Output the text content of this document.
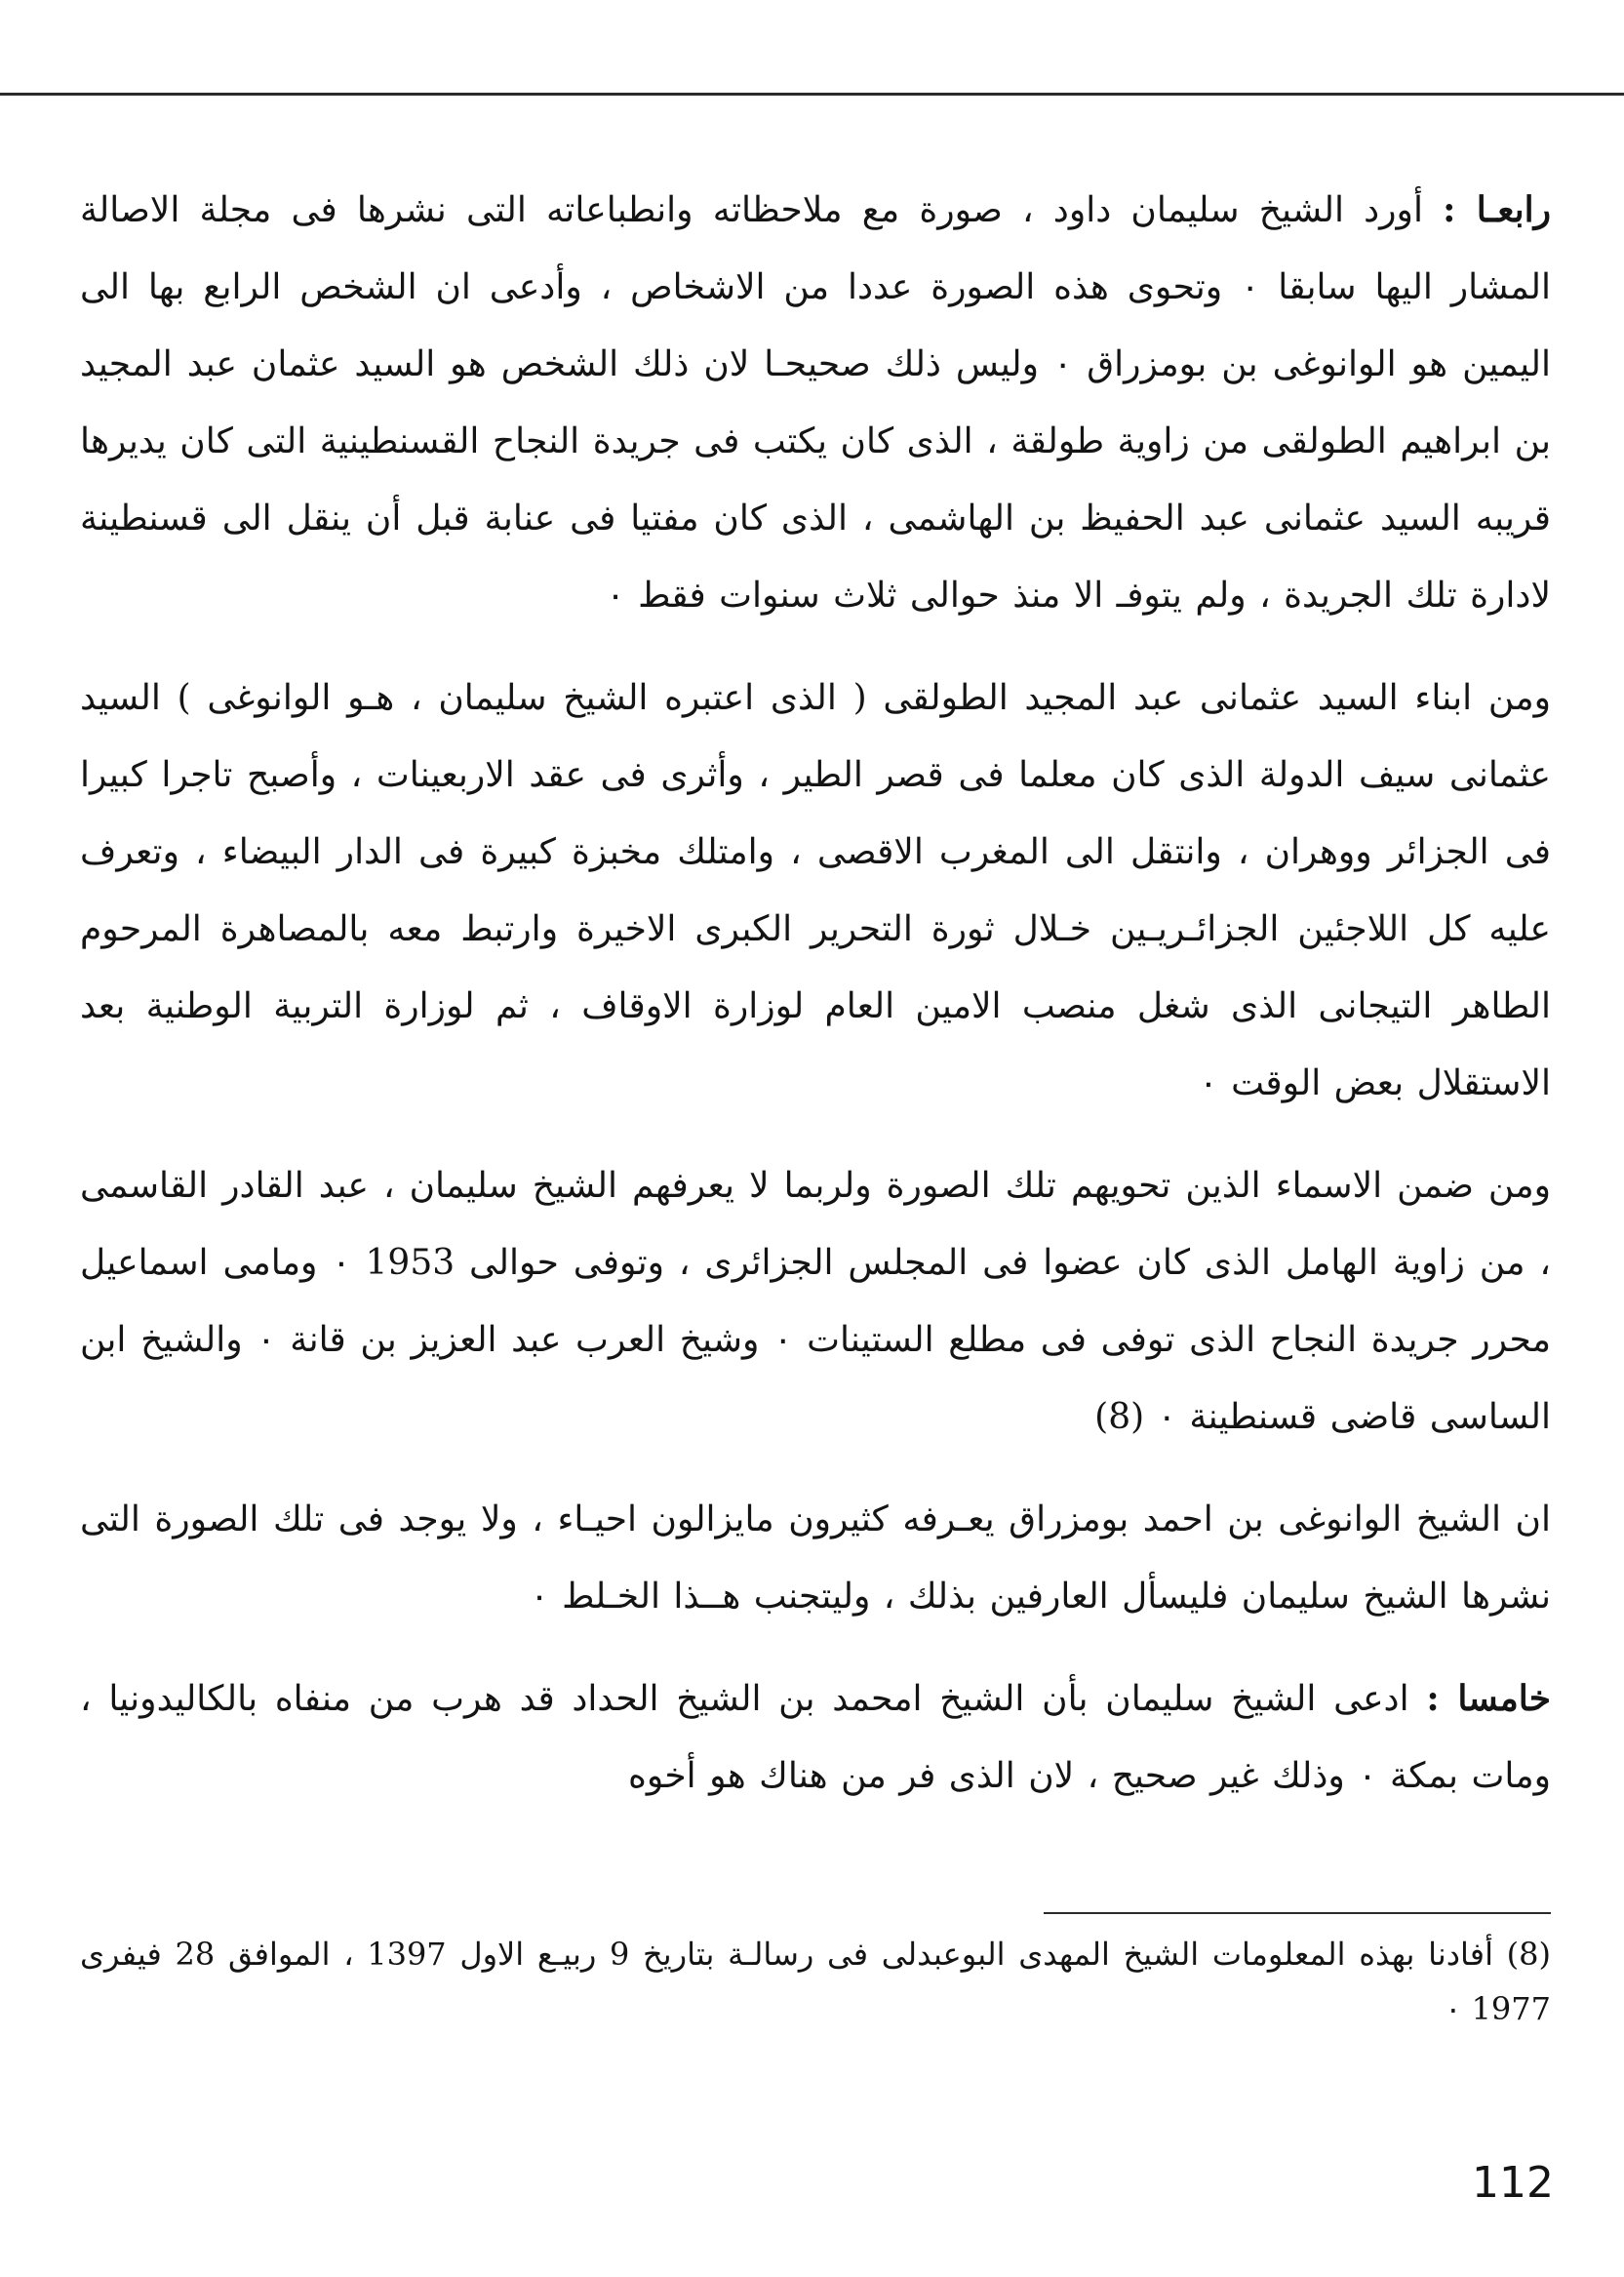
رابعـا : أورد الشيخ سليمان داود ، صورة مع ملاحظاته وانطباعاته التى نشرها فى مجلة الاصالة المشار اليها سابقا ٠ وتحوى هذه الصورة عددا من الاشخاص ، وأدعى ان الشخص الرابع بها الى اليمين هو الوانوغى بن بومزراق ٠ وليس ذلك صحيحـا لان ذلك الشخص هو السيد عثمان عبد المجيد بن ابراهيم الطولقى من زاوية طولقة ، الذى كان يكتب فى جريدة النجاح القسنطينية التى كان يديرها قريبه السيد عثمانى عبد الحفيظ بن الهاشمى ، الذى كان مفتيا فى عنابة قبل أن ينقل الى قسنطينة لادارة تلك الجريدة ، ولم يتوفـ الا منذ حوالى ثلاث سنوات فقط ٠

ومن ابناء السيد عثمانى عبد المجيد الطولقى ( الذى اعتبره الشيخ سليمان ، هـو الوانوغى ) السيد عثمانى سيف الدولة الذى كان معلما فى قصر الطير ، وأثرى فى عقد الاربعينات ، وأصبح تاجرا كبيرا فى الجزائر ووهران ، وانتقل الى المغرب الاقصى ، وامتلك مخبزة كبيرة فى الدار البيضاء ، وتعرف عليه كل اللاجئين الجزائـريـين خـلال ثورة التحرير الكبرى الاخيرة وارتبط معه بالمصاهرة المرحوم الطاهر التيجانى الذى شغل منصب الامين العام لوزارة الاوقاف ، ثم لوزارة التربية الوطنية بعد الاستقلال بعض الوقت ٠

ومن ضمن الاسماء الذين تحويهم تلك الصورة ولربما لا يعرفهم الشيخ سليمان ، عبد القادر القاسمى ، من زاوية الهامل الذى كان عضوا فى المجلس الجزائرى ، وتوفى حوالى 1953 ٠ ومامى اسماعيل محرر جريدة النجاح الذى توفى فى مطلع الستينات ٠ وشيخ العرب عبد العزيز بن قانة ٠ والشيخ ابن الساسى قاضى قسنطينة ٠ (8)

ان الشيخ الوانوغى بن احمد بومزراق يعـرفه كثيرون مايزالون احيـاء ، ولا يوجد فى تلك الصورة التى نشرها الشيخ سليمان فليسأل العارفين بذلك ، وليتجنب هــذا الخـلط ٠

خامسا : ادعى الشيخ سليمان بأن الشيخ امحمد بن الشيخ الحداد قد هرب من منفاه بالكاليدونيا ، ومات بمكة ٠ وذلك غير صحيح ، لان الذى فر من هناك هو أخوه

(8) أفادنا بهذه المعلومات الشيخ المهدى البوعبدلى فى رسالـة بتاريخ 9 ربيـع الاول 1397 ، الموافق 28 فيفرى 1977 ٠

112
